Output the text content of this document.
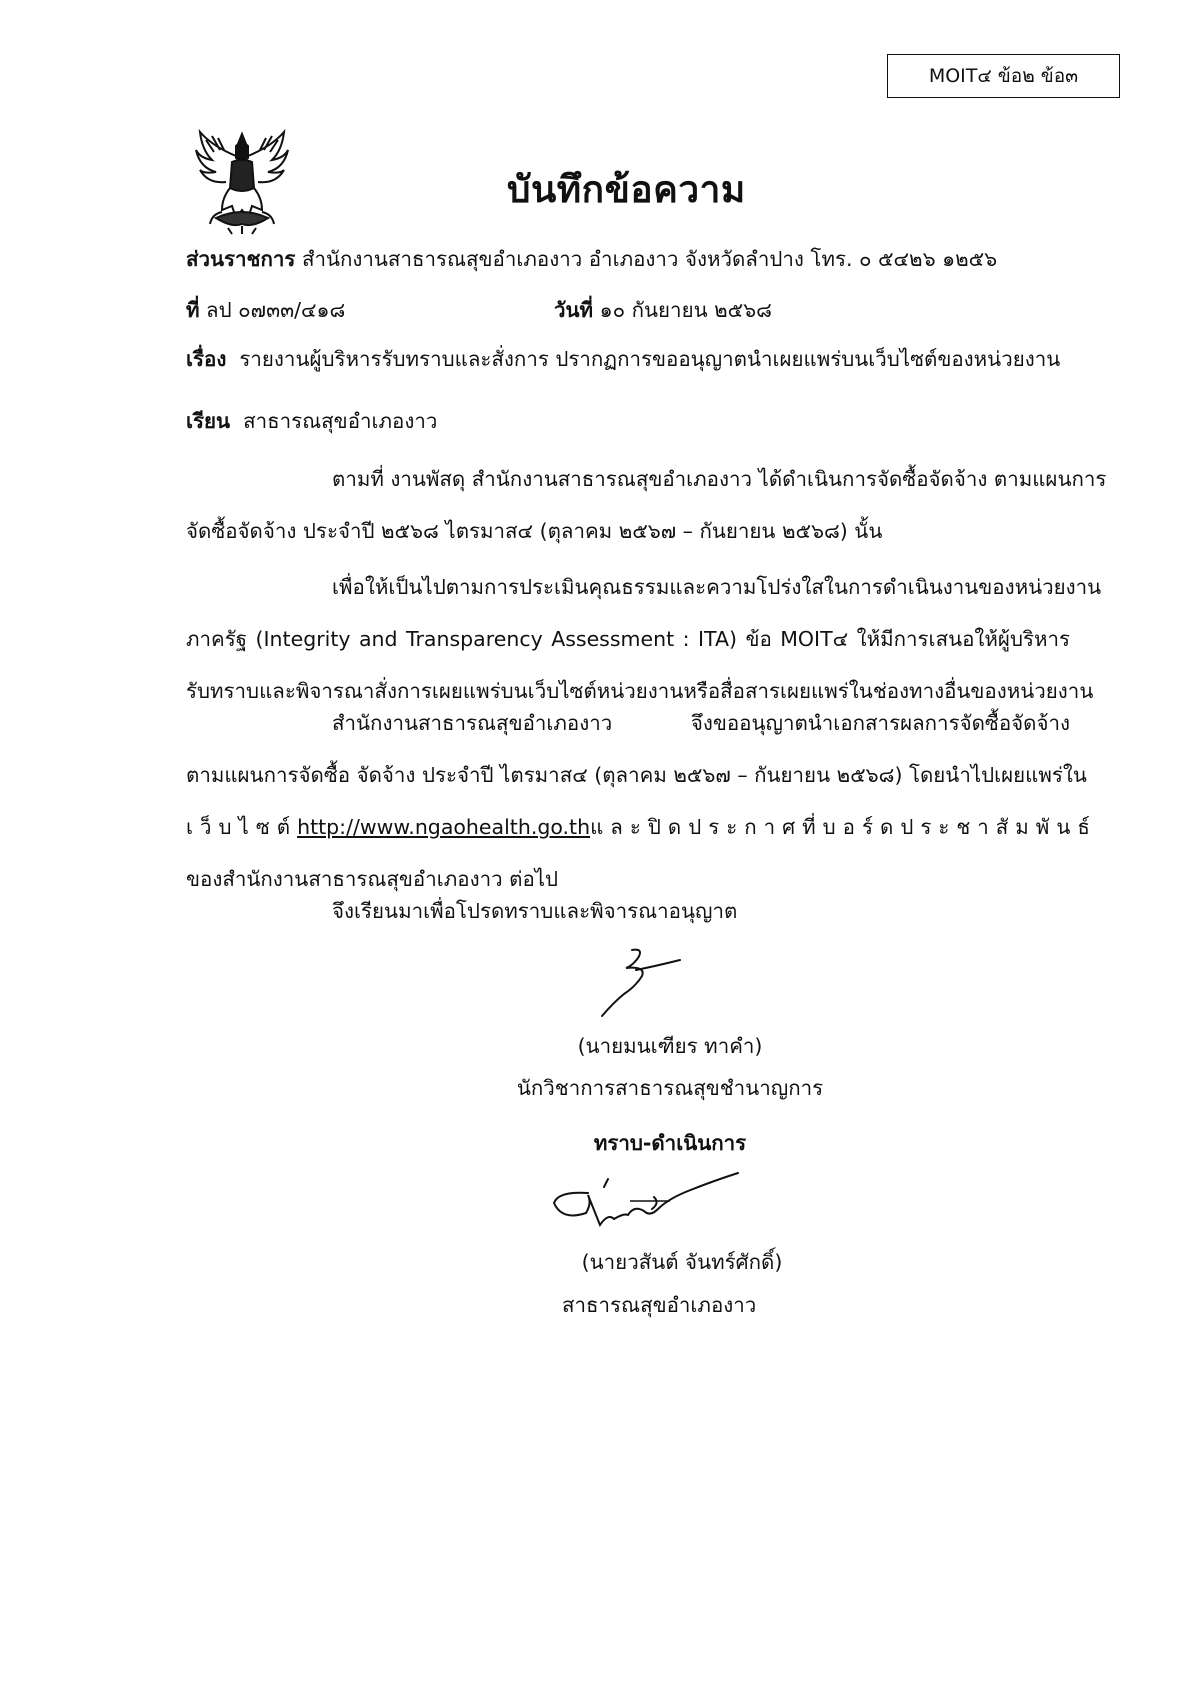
MOIT๔ ข้อ๒ ข้อ๓
บันทึกข้อความ
ส่วนราชการ สำนักงานสาธารณสุขอำเภองาว อำเภองาว จังหวัดลำปาง โทร. ๐ ๕๔๒๖ ๑๒๕๖
ที่ ลป ๐๗๓๓/๔๑๘	วันที่ ๑๐ กันยายน ๒๕๖๘
เรื่อง รายงานผู้บริหารรับทราบและสั่งการ ปรากฏการขออนุญาตนำเผยแพร่บนเว็บไซต์ของหน่วยงาน
เรียน สาธารณสุขอำเภองาว
ตามที่ งานพัสดุ สำนักงานสาธารณสุขอำเภองาว ได้ดำเนินการจัดซื้อจัดจ้าง ตามแผนการ
จัดซื้อจัดจ้าง ประจำปี ๒๕๖๘ ไตรมาส๔ (ตุลาคม ๒๕๖๗ – กันยายน ๒๕๖๘) นั้น
เพื่อให้เป็นไปตามการประเมินคุณธรรมและความโปร่งใสในการดำเนินงานของหน่วยงาน
ภาครัฐ (Integrity and Transparency Assessment : ITA) ข้อ MOIT๔ ให้มีการเสนอให้ผู้บริหาร
รับทราบและพิจารณาสั่งการเผยแพร่บนเว็บไซต์หน่วยงานหรือสื่อสารเผยแพร่ในช่องทางอื่นของหน่วยงาน
สำนักงานสาธารณสุขอำเภองาว จึงขออนุญาตนำเอกสารผลการจัดซื้อจัดจ้าง
ตามแผนการจัดซื้อ จัดจ้าง ประจำปี ไตรมาส๔ (ตุลาคม ๒๕๖๗ – กันยายน ๒๕๖๘) โดยนำไปเผยแพร่ใน
เว็บไซต์ http://www.ngaohealth.go.th และปิดประกาศที่บอร์ดประชาสัมพันธ์
ของสำนักงานสาธารณสุขอำเภองาว ต่อไป
จึงเรียนมาเพื่อโปรดทราบและพิจารณาอนุญาต
(นายมนเฑียร ทาคำ)
นักวิชาการสาธารณสุขชำนาญการ
ทราบ-ดำเนินการ
(นายวสันต์ จันทร์ศักดิ์)
สาธารณสุขอำเภองาว
